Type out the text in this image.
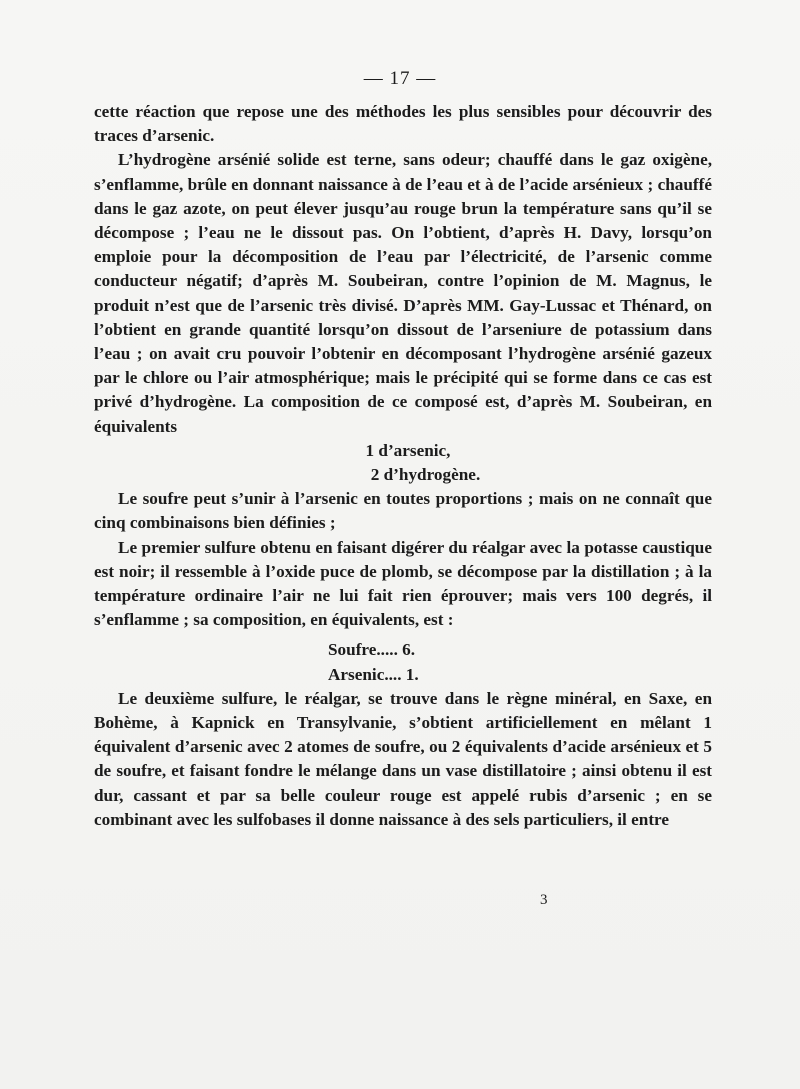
— 17 —

cette réaction que repose une des méthodes les plus sensibles pour découvrir des traces d’arsenic.

L’hydrogène arsénié solide est terne, sans odeur; chauffé dans le gaz oxigène, s’enflamme, brûle en donnant naissance à de l’eau et à de l’acide arsénieux ; chauffé dans le gaz azote, on peut élever jusqu’au rouge brun la température sans qu’il se décompose ; l’eau ne le dissout pas. On l’obtient, d’après H. Davy, lorsqu’on emploie pour la décomposition de l’eau par l’électricité, de l’arsenic comme conducteur négatif; d’après M. Soubeiran, contre l’opinion de M. Magnus, le produit n’est que de l’arsenic très divisé. D’après MM. Gay-Lussac et Thénard, on l’obtient en grande quantité lorsqu’on dissout de l’arseniure de potassium dans l’eau ; on avait cru pouvoir l’obtenir en décomposant l’hydrogène arsénié gazeux par le chlore ou l’air atmosphérique; mais le précipité qui se forme dans ce cas est privé d’hydrogène. La composition de ce composé est, d’après M. Soubeiran, en équivalents

1 d’arsenic,

2 d’hydrogène.

Le soufre peut s’unir à l’arsenic en toutes proportions ; mais on ne connaît que cinq combinaisons bien définies ;

Le premier sulfure obtenu en faisant digérer du réalgar avec la potasse caustique est noir; il ressemble à l’oxide puce de plomb, se décompose par la distillation ; à la température ordinaire l’air ne lui fait rien éprouver; mais vers 100 degrés, il s’enflamme ; sa composition, en équivalents, est :

Soufre..... 6.

Arsenic.... 1.

Le deuxième sulfure, le réalgar, se trouve dans le règne minéral, en Saxe, en Bohème, à Kapnick en Transylvanie, s’obtient artificiellement en mêlant 1 équivalent d’arsenic avec 2 atomes de soufre, ou 2 équivalents d’acide arsénieux et 5 de soufre, et faisant fondre le mélange dans un vase distillatoire ; ainsi obtenu il est dur, cassant et par sa belle couleur rouge est appelé rubis d’arsenic ; en se combinant avec les sulfobases il donne naissance à des sels particuliers, il entre

3
